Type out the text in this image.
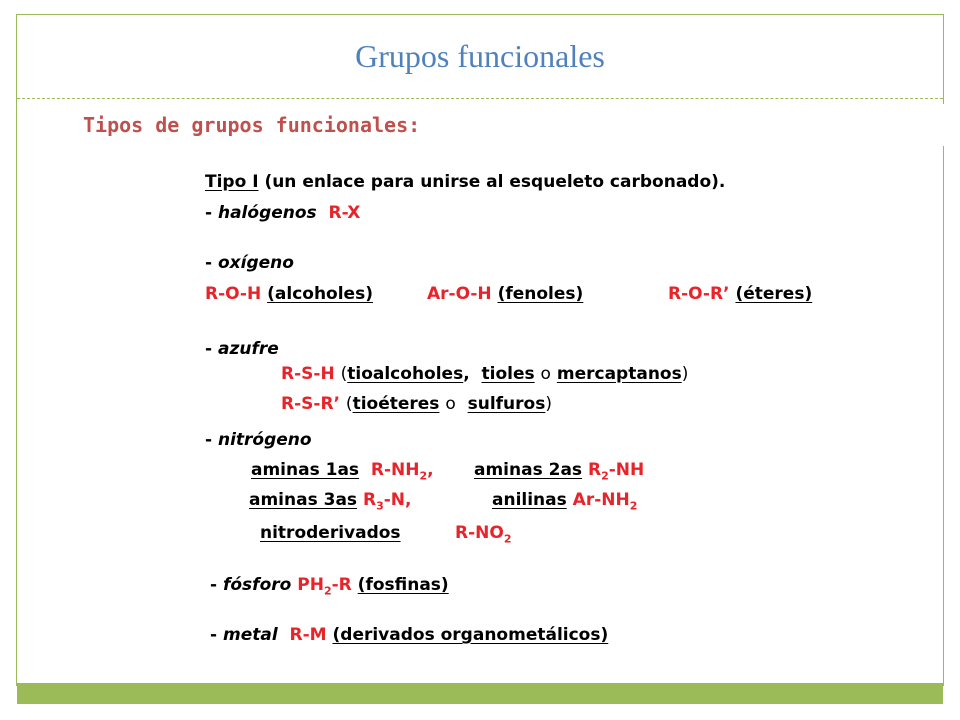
Grupos funcionales
Tipos de grupos funcionales:
Tipo I (un enlace para unirse al esqueleto carbonado).
- halógenos R-X
- oxígeno
R-O-H (alcoholes)	Ar-O-H (fenoles)	R-O-R’ (éteres)
- azufre
R-S-H (tioalcoholes, tioles o mercaptanos)
R-S-R’ (tioéteres o sulfuros)
- nitrógeno
aminas 1as $R-NH_2$, aminas 2as $R_2-NH$
aminas 3as $R_3-N$,	anilinas $Ar-NH_2$
nitroderivados	$R-NO_2$
- fósforo $PH_2-R$ (fosfinas)
- metal R-M (derivados organometálicos)
